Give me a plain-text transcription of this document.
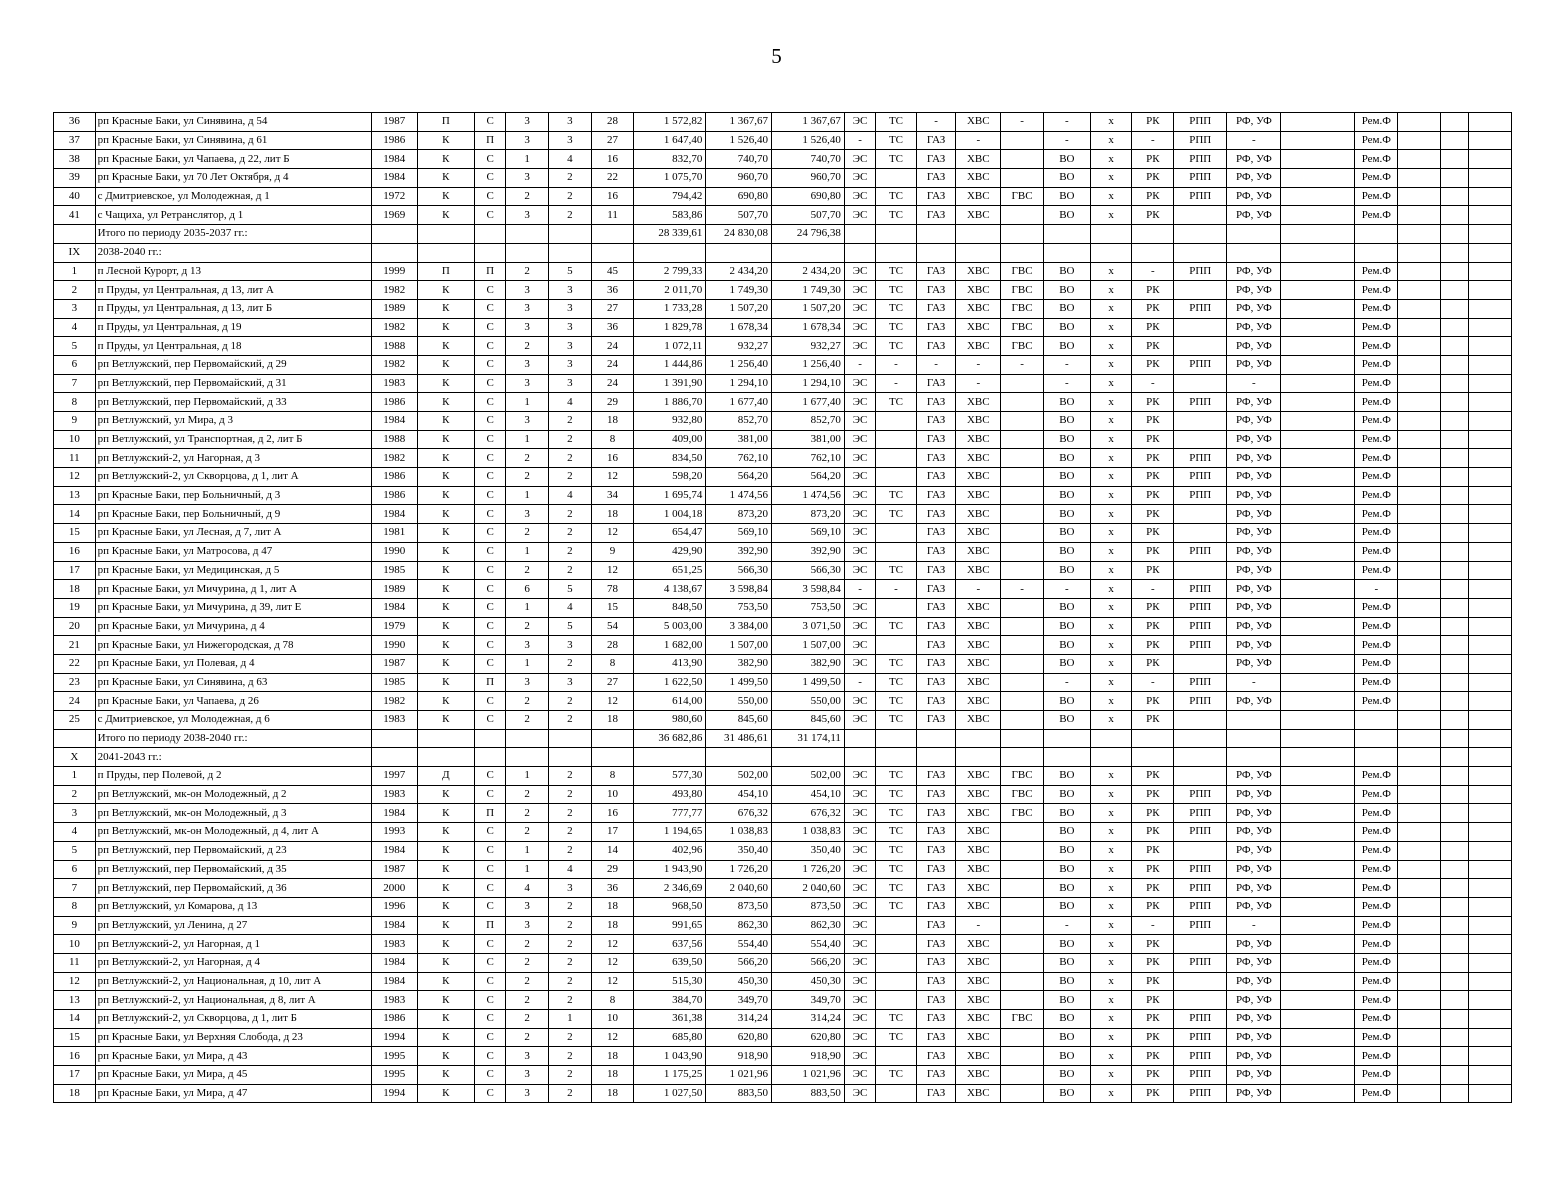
5
36	рп Красные Баки, ул Синявина, д 54	1987	П	С	3	3	28	1 572,82	1 367,67	1 367,67	ЭС	ТС	-	ХВС	-	-	х	РК	РПП	РФ, УФ		Рем.Ф			
37	рп Красные Баки, ул Синявина, д 61	1986	К	П	3	3	27	1 647,40	1 526,40	1 526,40	-	ТС	ГАЗ	-		-	х	-	РПП	-		Рем.Ф			
38	рп Красные Баки, ул Чапаева, д 22, лит Б	1984	К	С	1	4	16	832,70	740,70	740,70	ЭС	ТС	ГАЗ	ХВС		ВО	х	РК	РПП	РФ, УФ		Рем.Ф			
39	рп Красные Баки, ул 70 Лет Октября, д 4	1984	К	С	3	2	22	1 075,70	960,70	960,70	ЭС		ГАЗ	ХВС		ВО	х	РК	РПП	РФ, УФ		Рем.Ф			
40	с Дмитриевское, ул Молодежная, д 1	1972	К	С	2	2	16	794,42	690,80	690,80	ЭС	ТС	ГАЗ	ХВС	ГВС	ВО	х	РК	РПП	РФ, УФ		Рем.Ф			
41	с Чащиха, ул Ретранслятор, д 1	1969	К	С	3	2	11	583,86	507,70	507,70	ЭС	ТС	ГАЗ	ХВС		ВО	х	РК		РФ, УФ		Рем.Ф			
	Итого по периоду 2035-2037 гг.:							28 339,61	24 830,08	24 796,38															
IX	2038-2040 гг.:																								
1	п Лесной Курорт, д 13	1999	П	П	2	5	45	2 799,33	2 434,20	2 434,20	ЭС	ТС	ГАЗ	ХВС	ГВС	ВО	х	-	РПП	РФ, УФ		Рем.Ф			
2	п Пруды, ул Центральная, д 13, лит А	1982	К	С	3	3	36	2 011,70	1 749,30	1 749,30	ЭС	ТС	ГАЗ	ХВС	ГВС	ВО	х	РК		РФ, УФ		Рем.Ф			
3	п Пруды, ул Центральная, д 13, лит Б	1989	К	С	3	3	27	1 733,28	1 507,20	1 507,20	ЭС	ТС	ГАЗ	ХВС	ГВС	ВО	х	РК	РПП	РФ, УФ		Рем.Ф			
4	п Пруды, ул Центральная, д 19	1982	К	С	3	3	36	1 829,78	1 678,34	1 678,34	ЭС	ТС	ГАЗ	ХВС	ГВС	ВО	х	РК		РФ, УФ		Рем.Ф			
5	п Пруды, ул Центральная, д 18	1988	К	С	2	3	24	1 072,11	932,27	932,27	ЭС	ТС	ГАЗ	ХВС	ГВС	ВО	х	РК		РФ, УФ		Рем.Ф			
6	рп Ветлужский, пер Первомайский, д 29	1982	К	С	3	3	24	1 444,86	1 256,40	1 256,40	-	-	-	-	-	-	х	РК	РПП	РФ, УФ		Рем.Ф			
7	рп Ветлужский, пер Первомайский, д 31	1983	К	С	3	3	24	1 391,90	1 294,10	1 294,10	ЭС	-	ГАЗ	-		-	х	-		-		Рем.Ф			
8	рп Ветлужский, пер Первомайский, д 33	1986	К	С	1	4	29	1 886,70	1 677,40	1 677,40	ЭС	ТС	ГАЗ	ХВС		ВО	х	РК	РПП	РФ, УФ		Рем.Ф			
9	рп Ветлужский, ул Мира, д 3	1984	К	С	3	2	18	932,80	852,70	852,70	ЭС		ГАЗ	ХВС		ВО	х	РК		РФ, УФ		Рем.Ф			
10	рп Ветлужский, ул Транспортная, д 2, лит Б	1988	К	С	1	2	8	409,00	381,00	381,00	ЭС		ГАЗ	ХВС		ВО	х	РК		РФ, УФ		Рем.Ф			
11	рп Ветлужский-2, ул Нагорная, д 3	1982	К	С	2	2	16	834,50	762,10	762,10	ЭС		ГАЗ	ХВС		ВО	х	РК	РПП	РФ, УФ		Рем.Ф			
12	рп Ветлужский-2, ул Скворцова, д 1, лит А	1986	К	С	2	2	12	598,20	564,20	564,20	ЭС		ГАЗ	ХВС		ВО	х	РК	РПП	РФ, УФ		Рем.Ф			
13	рп Красные Баки, пер Больничный, д 3	1986	К	С	1	4	34	1 695,74	1 474,56	1 474,56	ЭС	ТС	ГАЗ	ХВС		ВО	х	РК	РПП	РФ, УФ		Рем.Ф			
14	рп Красные Баки, пер Больничный, д 9	1984	К	С	3	2	18	1 004,18	873,20	873,20	ЭС	ТС	ГАЗ	ХВС		ВО	х	РК		РФ, УФ		Рем.Ф			
15	рп Красные Баки, ул Лесная, д 7, лит А	1981	К	С	2	2	12	654,47	569,10	569,10	ЭС		ГАЗ	ХВС		ВО	х	РК		РФ, УФ		Рем.Ф			
16	рп Красные Баки, ул Матросова, д 47	1990	К	С	1	2	9	429,90	392,90	392,90	ЭС		ГАЗ	ХВС		ВО	х	РК	РПП	РФ, УФ		Рем.Ф			
17	рп Красные Баки, ул Медицинская, д 5	1985	К	С	2	2	12	651,25	566,30	566,30	ЭС	ТС	ГАЗ	ХВС		ВО	х	РК		РФ, УФ		Рем.Ф			
18	рп Красные Баки, ул Мичурина, д 1, лит А	1989	К	С	6	5	78	4 138,67	3 598,84	3 598,84	-	-	ГАЗ	-	-	-	х	-	РПП	РФ, УФ		-			
19	рп Красные Баки, ул Мичурина, д 39, лит Е	1984	К	С	1	4	15	848,50	753,50	753,50	ЭС		ГАЗ	ХВС		ВО	х	РК	РПП	РФ, УФ		Рем.Ф			
20	рп Красные Баки, ул Мичурина, д 4	1979	К	С	2	5	54	5 003,00	3 384,00	3 071,50	ЭС	ТС	ГАЗ	ХВС		ВО	х	РК	РПП	РФ, УФ		Рем.Ф			
21	рп Красные Баки, ул Нижегородская, д 78	1990	К	С	3	3	28	1 682,00	1 507,00	1 507,00	ЭС		ГАЗ	ХВС		ВО	х	РК	РПП	РФ, УФ		Рем.Ф			
22	рп Красные Баки, ул Полевая, д 4	1987	К	С	1	2	8	413,90	382,90	382,90	ЭС	ТС	ГАЗ	ХВС		ВО	х	РК		РФ, УФ		Рем.Ф			
23	рп Красные Баки, ул Синявина, д 63	1985	К	П	3	3	27	1 622,50	1 499,50	1 499,50	-	ТС	ГАЗ	ХВС		-	х	-	РПП	-		Рем.Ф			
24	рп Красные Баки, ул Чапаева, д 26	1982	К	С	2	2	12	614,00	550,00	550,00	ЭС	ТС	ГАЗ	ХВС		ВО	х	РК	РПП	РФ, УФ		Рем.Ф			
25	с Дмитриевское, ул Молодежная, д 6	1983	К	С	2	2	18	980,60	845,60	845,60	ЭС	ТС	ГАЗ	ХВС		ВО	х	РК							
	Итого по периоду 2038-2040 гг.:							36 682,86	31 486,61	31 174,11															
X	2041-2043 гг.:																								
1	п Пруды, пер Полевой, д 2	1997	Д	С	1	2	8	577,30	502,00	502,00	ЭС	ТС	ГАЗ	ХВС	ГВС	ВО	х	РК		РФ, УФ		Рем.Ф			
2	рп Ветлужский, мк-он Молодежный, д 2	1983	К	С	2	2	10	493,80	454,10	454,10	ЭС	ТС	ГАЗ	ХВС	ГВС	ВО	х	РК	РПП	РФ, УФ		Рем.Ф			
3	рп Ветлужский, мк-он Молодежный, д 3	1984	К	П	2	2	16	777,77	676,32	676,32	ЭС	ТС	ГАЗ	ХВС	ГВС	ВО	х	РК	РПП	РФ, УФ		Рем.Ф			
4	рп Ветлужский, мк-он Молодежный, д 4, лит А	1993	К	С	2	2	17	1 194,65	1 038,83	1 038,83	ЭС	ТС	ГАЗ	ХВС		ВО	х	РК	РПП	РФ, УФ		Рем.Ф			
5	рп Ветлужский, пер Первомайский, д 23	1984	К	С	1	2	14	402,96	350,40	350,40	ЭС	ТС	ГАЗ	ХВС		ВО	х	РК		РФ, УФ		Рем.Ф			
6	рп Ветлужский, пер Первомайский, д 35	1987	К	С	1	4	29	1 943,90	1 726,20	1 726,20	ЭС	ТС	ГАЗ	ХВС		ВО	х	РК	РПП	РФ, УФ		Рем.Ф			
7	рп Ветлужский, пер Первомайский, д 36	2000	К	С	4	3	36	2 346,69	2 040,60	2 040,60	ЭС	ТС	ГАЗ	ХВС		ВО	х	РК	РПП	РФ, УФ		Рем.Ф			
8	рп Ветлужский, ул Комарова, д 13	1996	К	С	3	2	18	968,50	873,50	873,50	ЭС	ТС	ГАЗ	ХВС		ВО	х	РК	РПП	РФ, УФ		Рем.Ф			
9	рп Ветлужский, ул Ленина, д 27	1984	К	П	3	2	18	991,65	862,30	862,30	ЭС		ГАЗ	-		-	х	-	РПП	-		Рем.Ф			
10	рп Ветлужский-2, ул Нагорная, д 1	1983	К	С	2	2	12	637,56	554,40	554,40	ЭС		ГАЗ	ХВС		ВО	х	РК		РФ, УФ		Рем.Ф			
11	рп Ветлужский-2, ул Нагорная, д 4	1984	К	С	2	2	12	639,50	566,20	566,20	ЭС		ГАЗ	ХВС		ВО	х	РК	РПП	РФ, УФ		Рем.Ф			
12	рп Ветлужский-2, ул Национальная, д 10, лит А	1984	К	С	2	2	12	515,30	450,30	450,30	ЭС		ГАЗ	ХВС		ВО	х	РК		РФ, УФ		Рем.Ф			
13	рп Ветлужский-2, ул Национальная, д 8, лит А	1983	К	С	2	2	8	384,70	349,70	349,70	ЭС		ГАЗ	ХВС		ВО	х	РК		РФ, УФ		Рем.Ф			
14	рп Ветлужский-2, ул Скворцова, д 1, лит Б	1986	К	С	2	1	10	361,38	314,24	314,24	ЭС	ТС	ГАЗ	ХВС	ГВС	ВО	х	РК	РПП	РФ, УФ		Рем.Ф			
15	рп Красные Баки, ул Верхняя Слобода, д 23	1994	К	С	2	2	12	685,80	620,80	620,80	ЭС	ТС	ГАЗ	ХВС		ВО	х	РК	РПП	РФ, УФ		Рем.Ф			
16	рп Красные Баки, ул Мира, д 43	1995	К	С	3	2	18	1 043,90	918,90	918,90	ЭС		ГАЗ	ХВС		ВО	х	РК	РПП	РФ, УФ		Рем.Ф			
17	рп Красные Баки, ул Мира, д 45	1995	К	С	3	2	18	1 175,25	1 021,96	1 021,96	ЭС	ТС	ГАЗ	ХВС		ВО	х	РК	РПП	РФ, УФ		Рем.Ф			
18	рп Красные Баки, ул Мира, д 47	1994	К	С	3	2	18	1 027,50	883,50	883,50	ЭС		ГАЗ	ХВС		ВО	х	РК	РПП	РФ, УФ		Рем.Ф			
